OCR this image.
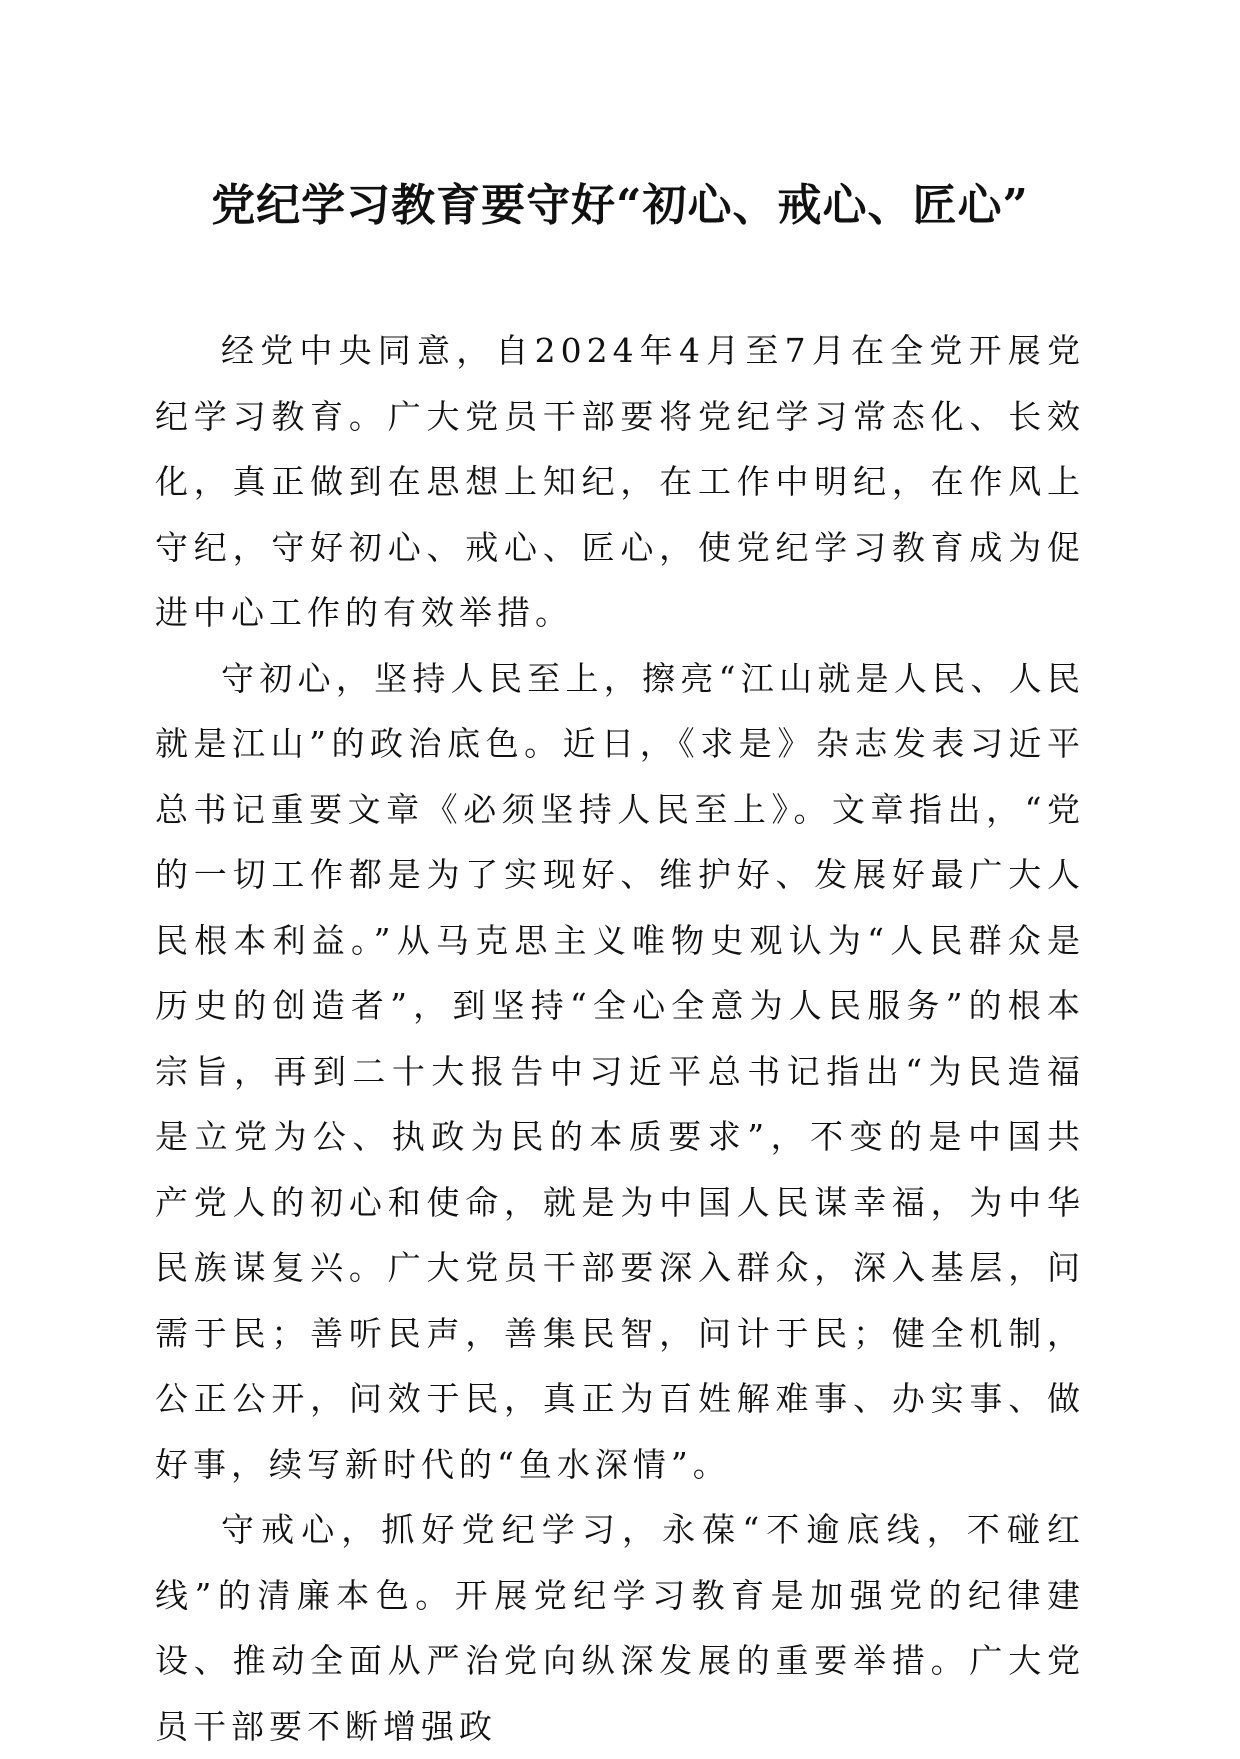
党纪学习教育要守好“初心、戒心、匠心”

经党中央同意，自2024年4月至7月在全党开展党纪学习教育。广大党员干部要将党纪学习常态化、长效化，真正做到在思想上知纪，在工作中明纪，在作风上守纪，守好初心、戒心、匠心，使党纪学习教育成为促进中心工作的有效举措。

守初心，坚持人民至上，擦亮“江山就是人民、人民就是江山”的政治底色。近日，《求是》杂志发表习近平总书记重要文章《必须坚持人民至上》。文章指出，“党的一切工作都是为了实现好、维护好、发展好最广大人民根本利益。”从马克思主义唯物史观认为“人民群众是历史的创造者”，到坚持“全心全意为人民服务”的根本宗旨，再到二十大报告中习近平总书记指出“为民造福是立党为公、执政为民的本质要求”，不变的是中国共产党人的初心和使命，就是为中国人民谋幸福，为中华民族谋复兴。广大党员干部要深入群众，深入基层，问需于民；善听民声，善集民智，问计于民；健全机制，公正公开，问效于民，真正为百姓解难事、办实事、做好事，续写新时代的“鱼水深情”。

守戒心，抓好党纪学习，永葆“不逾底线，不碰红线”的清廉本色。开展党纪学习教育是加强党的纪律建设、推动全面从严治党向纵深发展的重要举措。广大党员干部要不断增强政
